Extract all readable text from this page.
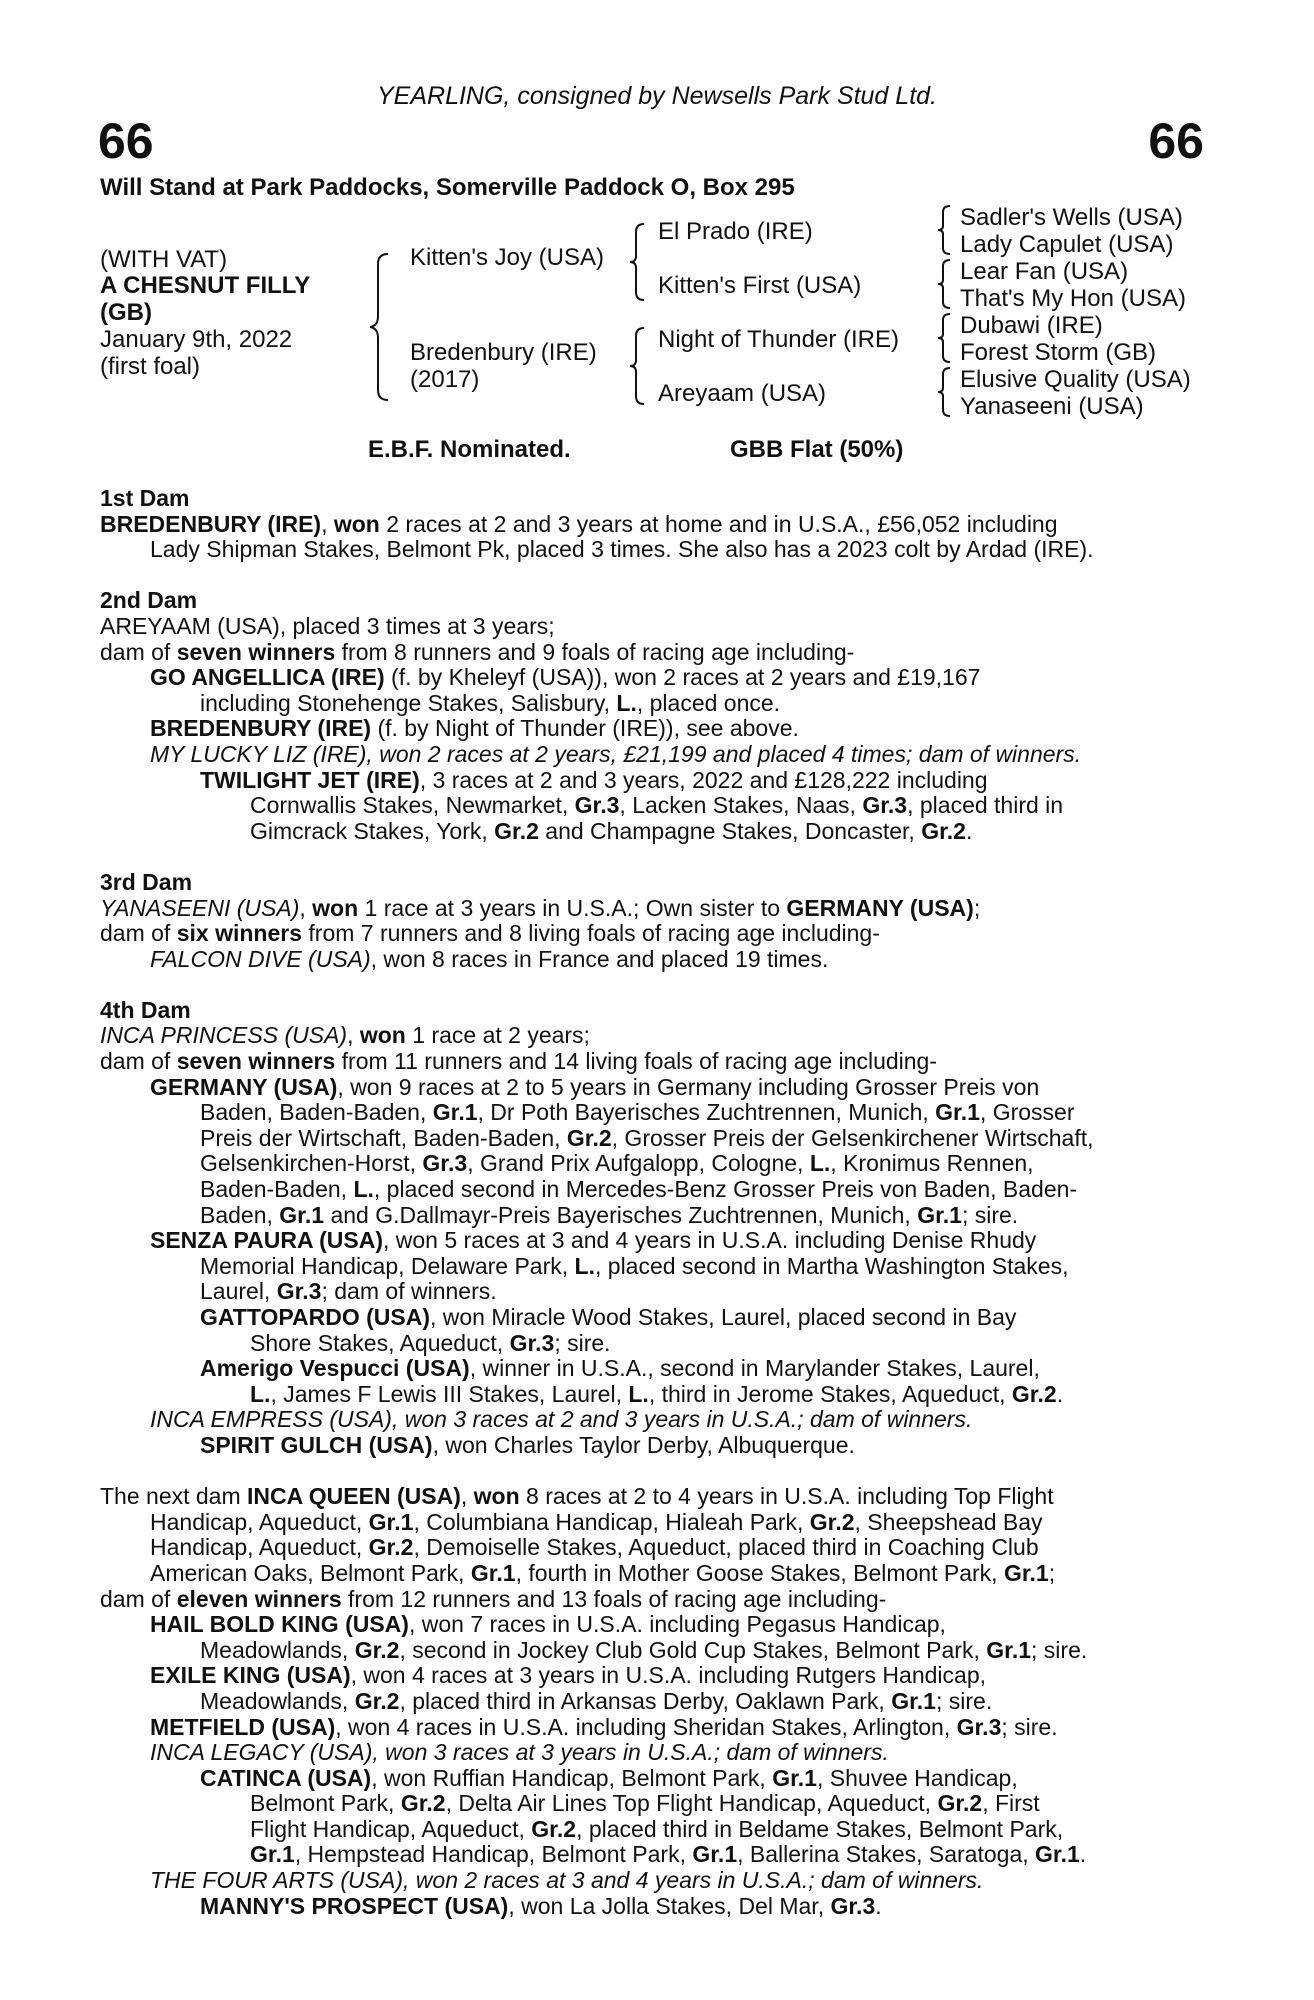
YEARLING, consigned by Newsells Park Stud Ltd.
66	66
Will Stand at Park Paddocks, Somerville Paddock O, Box 295
(WITH VAT)
A CHESNUT FILLY
(GB)
January 9th, 2022
(first foal)
Kitten's Joy (USA)
Bredenbury (IRE)
(2017)
El Prado (IRE)
Kitten's First (USA)
Night of Thunder (IRE)
Areyaam (USA)
Sadler's Wells (USA)
Lady Capulet (USA)
Lear Fan (USA)
That's My Hon (USA)
Dubawi (IRE)
Forest Storm (GB)
Elusive Quality (USA)
Yanaseeni (USA)
E.B.F. Nominated.	GBB Flat (50%)
1st Dam
BREDENBURY (IRE), won 2 races at 2 and 3 years at home and in U.S.A., £56,052 including
Lady Shipman Stakes, Belmont Pk, placed 3 times. She also has a 2023 colt by Ardad (IRE).
2nd Dam
AREYAAM (USA), placed 3 times at 3 years;
dam of seven winners from 8 runners and 9 foals of racing age including-
GO ANGELLICA (IRE) (f. by Kheleyf (USA)), won 2 races at 2 years and £19,167
including Stonehenge Stakes, Salisbury, L., placed once.
BREDENBURY (IRE) (f. by Night of Thunder (IRE)), see above.
MY LUCKY LIZ (IRE), won 2 races at 2 years, £21,199 and placed 4 times; dam of winners.
TWILIGHT JET (IRE), 3 races at 2 and 3 years, 2022 and £128,222 including
Cornwallis Stakes, Newmarket, Gr.3, Lacken Stakes, Naas, Gr.3, placed third in
Gimcrack Stakes, York, Gr.2 and Champagne Stakes, Doncaster, Gr.2.
3rd Dam
YANASEENI (USA), won 1 race at 3 years in U.S.A.; Own sister to GERMANY (USA);
dam of six winners from 7 runners and 8 living foals of racing age including-
FALCON DIVE (USA), won 8 races in France and placed 19 times.
4th Dam
INCA PRINCESS (USA), won 1 race at 2 years;
dam of seven winners from 11 runners and 14 living foals of racing age including-
GERMANY (USA), won 9 races at 2 to 5 years in Germany including Grosser Preis von
Baden, Baden-Baden, Gr.1, Dr Poth Bayerisches Zuchtrennen, Munich, Gr.1, Grosser
Preis der Wirtschaft, Baden-Baden, Gr.2, Grosser Preis der Gelsenkirchener Wirtschaft,
Gelsenkirchen-Horst, Gr.3, Grand Prix Aufgalopp, Cologne, L., Kronimus Rennen,
Baden-Baden, L., placed second in Mercedes-Benz Grosser Preis von Baden, Baden-
Baden, Gr.1 and G.Dallmayr-Preis Bayerisches Zuchtrennen, Munich, Gr.1; sire.
SENZA PAURA (USA), won 5 races at 3 and 4 years in U.S.A. including Denise Rhudy
Memorial Handicap, Delaware Park, L., placed second in Martha Washington Stakes,
Laurel, Gr.3; dam of winners.
GATTOPARDO (USA), won Miracle Wood Stakes, Laurel, placed second in Bay
Shore Stakes, Aqueduct, Gr.3; sire.
Amerigo Vespucci (USA), winner in U.S.A., second in Marylander Stakes, Laurel,
L., James F Lewis III Stakes, Laurel, L., third in Jerome Stakes, Aqueduct, Gr.2.
INCA EMPRESS (USA), won 3 races at 2 and 3 years in U.S.A.; dam of winners.
SPIRIT GULCH (USA), won Charles Taylor Derby, Albuquerque.
The next dam INCA QUEEN (USA), won 8 races at 2 to 4 years in U.S.A. including Top Flight
Handicap, Aqueduct, Gr.1, Columbiana Handicap, Hialeah Park, Gr.2, Sheepshead Bay
Handicap, Aqueduct, Gr.2, Demoiselle Stakes, Aqueduct, placed third in Coaching Club
American Oaks, Belmont Park, Gr.1, fourth in Mother Goose Stakes, Belmont Park, Gr.1;
dam of eleven winners from 12 runners and 13 foals of racing age including-
HAIL BOLD KING (USA), won 7 races in U.S.A. including Pegasus Handicap,
Meadowlands, Gr.2, second in Jockey Club Gold Cup Stakes, Belmont Park, Gr.1; sire.
EXILE KING (USA), won 4 races at 3 years in U.S.A. including Rutgers Handicap,
Meadowlands, Gr.2, placed third in Arkansas Derby, Oaklawn Park, Gr.1; sire.
METFIELD (USA), won 4 races in U.S.A. including Sheridan Stakes, Arlington, Gr.3; sire.
INCA LEGACY (USA), won 3 races at 3 years in U.S.A.; dam of winners.
CATINCA (USA), won Ruffian Handicap, Belmont Park, Gr.1, Shuvee Handicap,
Belmont Park, Gr.2, Delta Air Lines Top Flight Handicap, Aqueduct, Gr.2, First
Flight Handicap, Aqueduct, Gr.2, placed third in Beldame Stakes, Belmont Park,
Gr.1, Hempstead Handicap, Belmont Park, Gr.1, Ballerina Stakes, Saratoga, Gr.1.
THE FOUR ARTS (USA), won 2 races at 3 and 4 years in U.S.A.; dam of winners.
MANNY'S PROSPECT (USA), won La Jolla Stakes, Del Mar, Gr.3.
